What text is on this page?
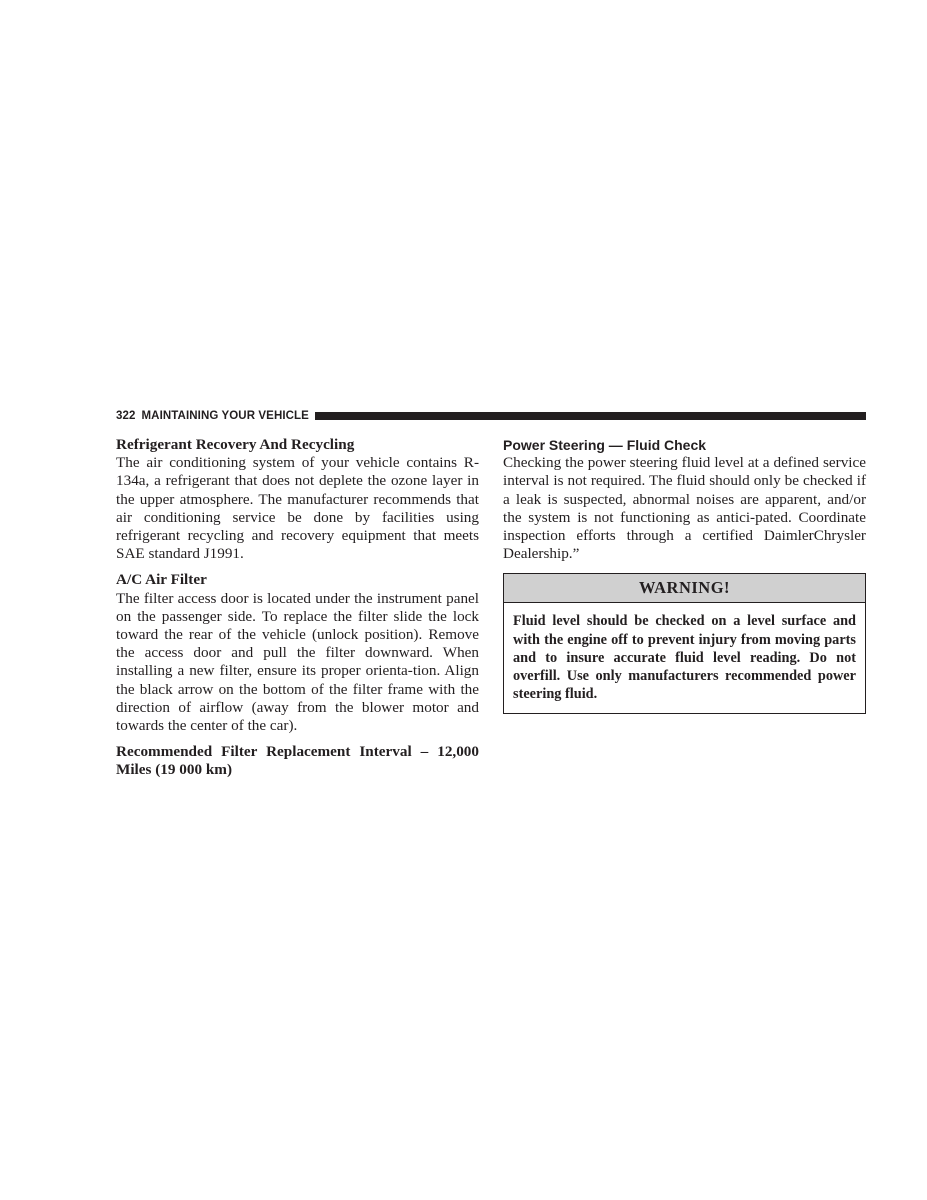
322 MAINTAINING YOUR VEHICLE
Refrigerant Recovery And Recycling

The air conditioning system of your vehicle contains R-134a, a refrigerant that does not deplete the ozone layer in the upper atmosphere. The manufacturer recommends that air conditioning service be done by facilities using refrigerant recycling and recovery equipment that meets SAE standard J1991.

A/C Air Filter

The filter access door is located under the instrument panel on the passenger side. To replace the filter slide the lock toward the rear of the vehicle (unlock position). Remove the access door and pull the filter downward. When installing a new filter, ensure its proper orienta-tion. Align the black arrow on the bottom of the filter frame with the direction of airflow (away from the blower motor and towards the center of the car).

Recommended Filter Replacement Interval – 12,000 Miles (19 000 km)
Power Steering — Fluid Check

Checking the power steering fluid level at a defined service interval is not required. The fluid should only be checked if a leak is suspected, abnormal noises are apparent, and/or the system is not functioning as antici-pated. Coordinate inspection efforts through a certified DaimlerChrysler Dealership.”

WARNING!
Fluid level should be checked on a level surface and with the engine off to prevent injury from moving parts and to insure accurate fluid level reading. Do not overfill. Use only manufacturers recommended power steering fluid.
